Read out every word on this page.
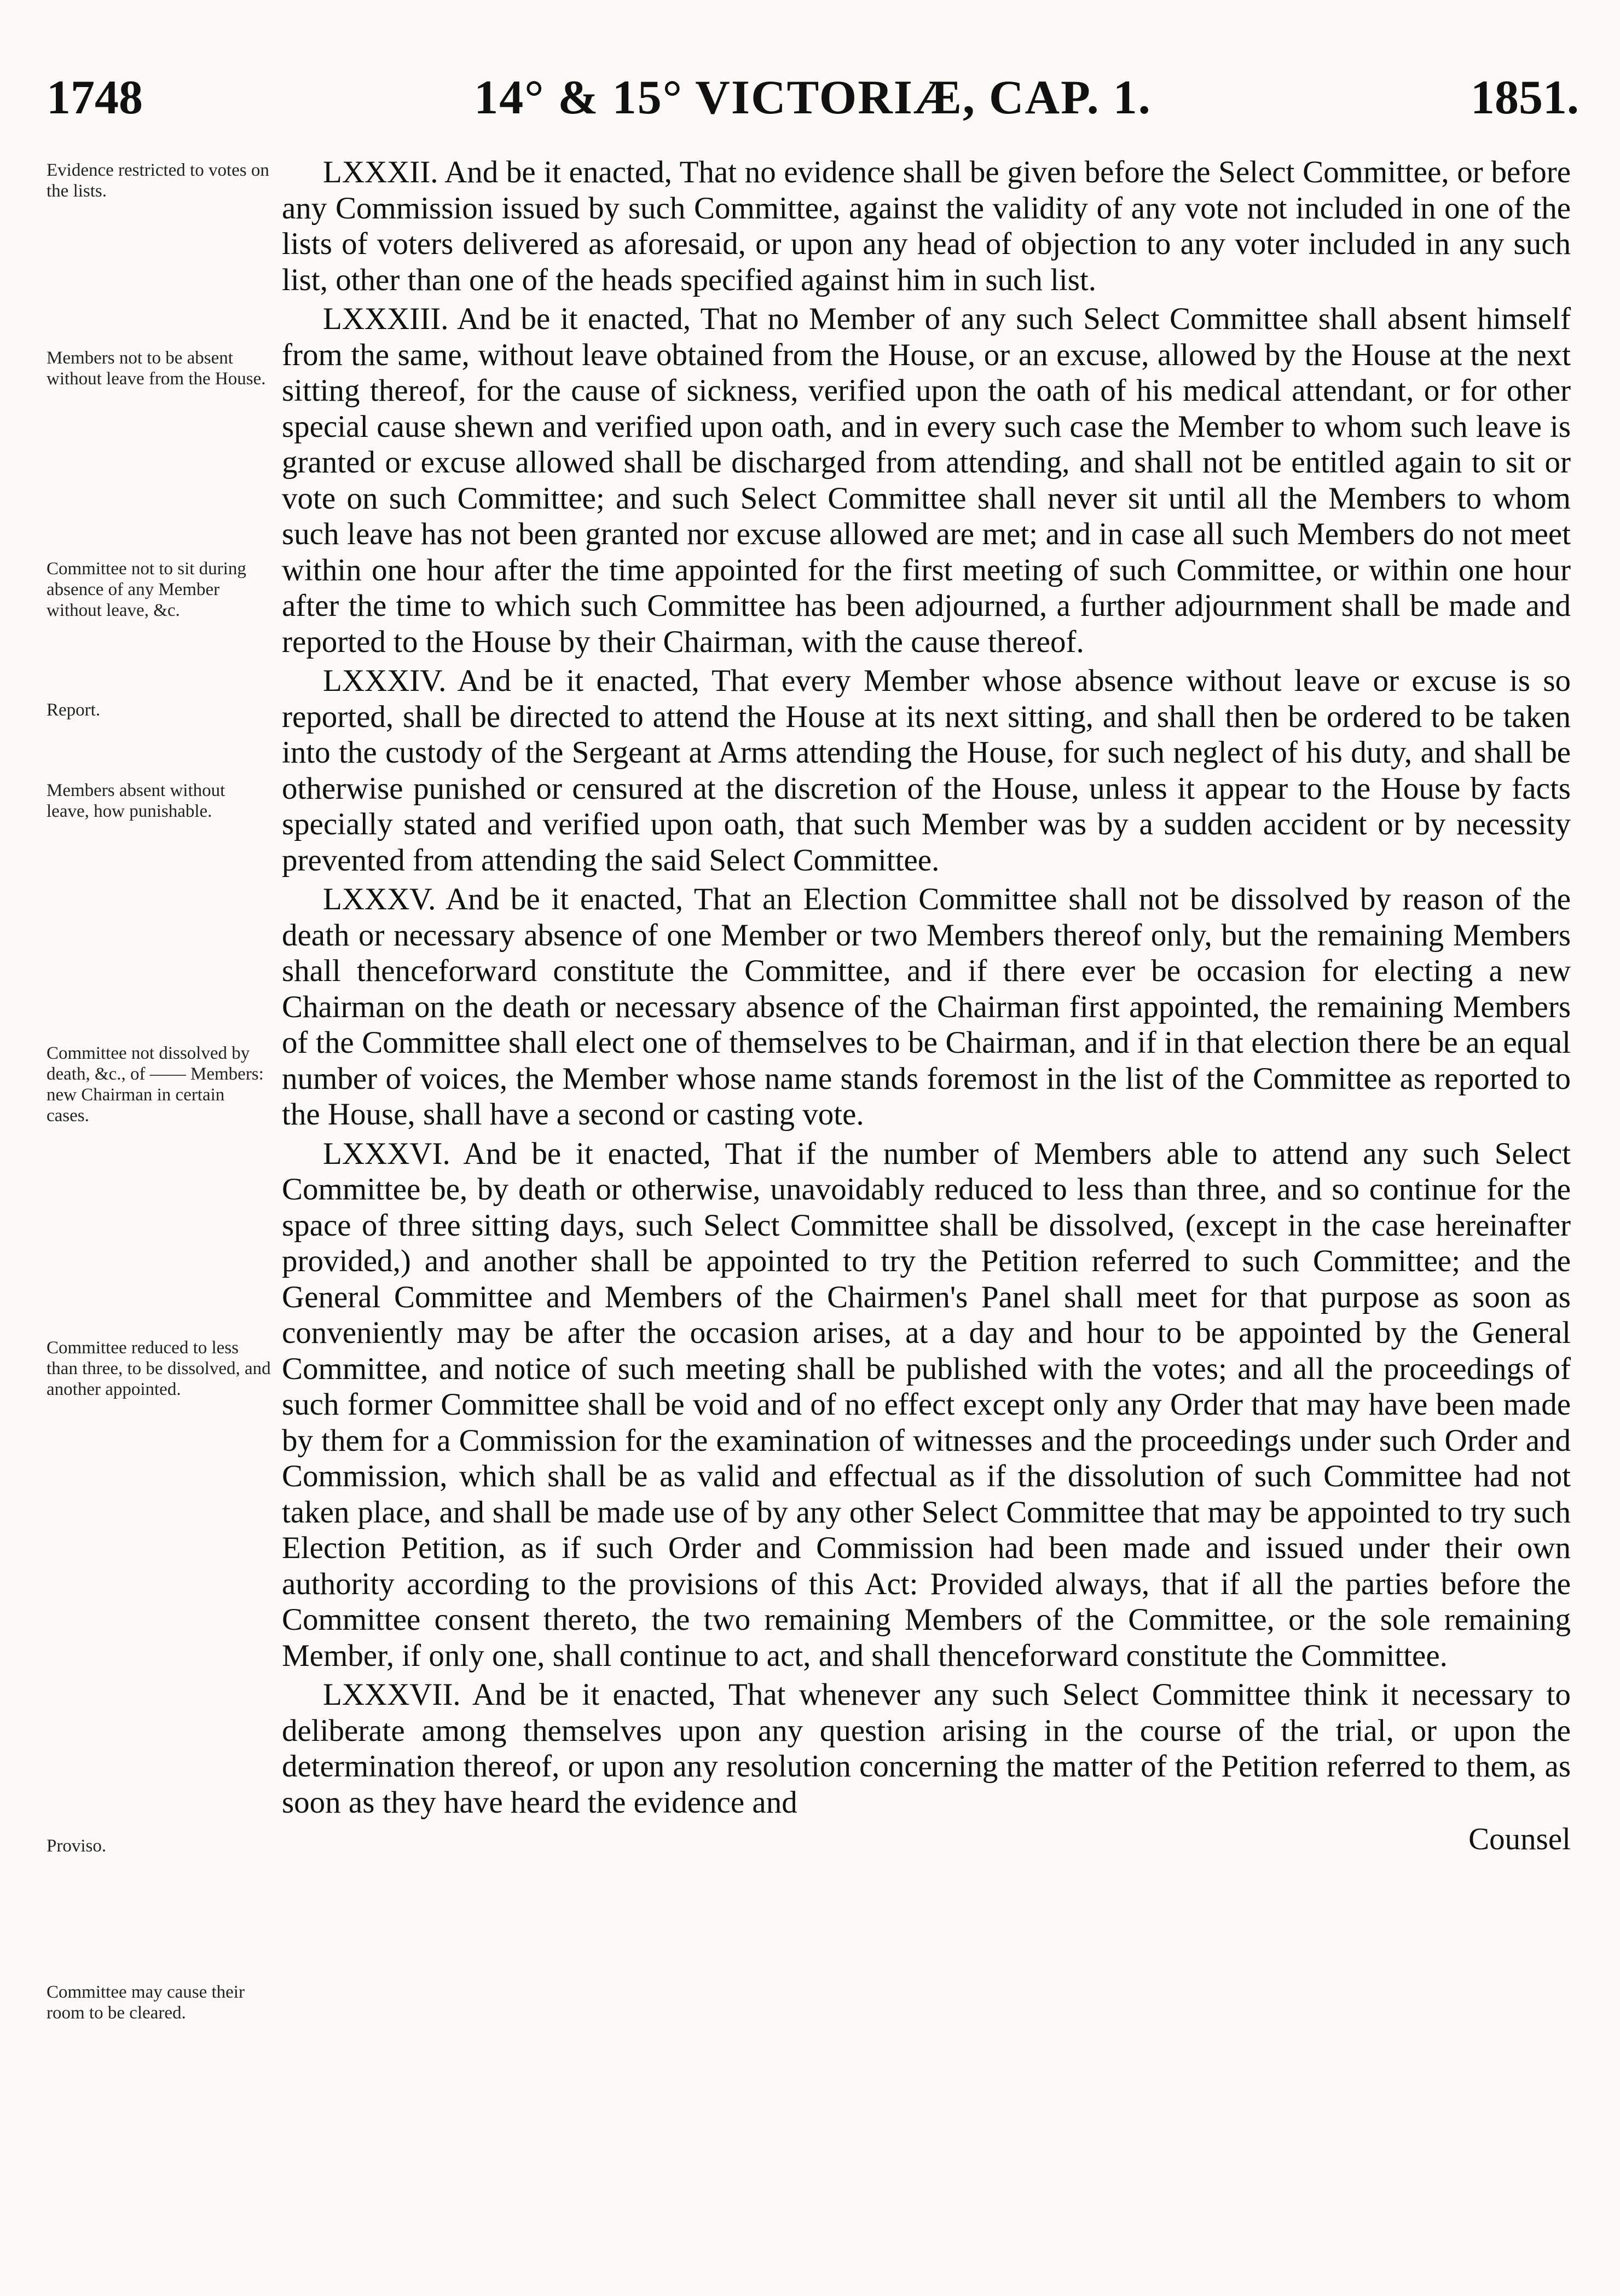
1748	14° & 15° VICTORIÆ, CAP. 1.	1851.
Evidence restricted to votes on the lists.
Members not to be absent without leave from the House.
Committee not to sit during absence of any Member without leave, &c.
Report.
Members absent without leave, how punishable.
Committee not dissolved by death, &c., of —— Members: new Chairman in certain cases.
Committee reduced to less than three, to be dissolved, and another appointed.
Proviso.
Committee may cause their room to be cleared.

LXXXII. And be it enacted, That no evidence shall be given before the Select Committee, or before any Commission issued by such Committee, against the validity of any vote not included in one of the lists of voters delivered as aforesaid, or upon any head of objection to any voter included in any such list, other than one of the heads specified against him in such list.

LXXXIII. And be it enacted, That no Member of any such Select Committee shall absent himself from the same, without leave obtained from the House, or an excuse, allowed by the House at the next sitting thereof, for the cause of sickness, verified upon the oath of his medical attendant, or for other special cause shewn and verified upon oath, and in every such case the Member to whom such leave is granted or excuse allowed shall be discharged from attending, and shall not be entitled again to sit or vote on such Committee; and such Select Committee shall never sit until all the Members to whom such leave has not been granted nor excuse allowed are met; and in case all such Members do not meet within one hour after the time appointed for the first meeting of such Committee, or within one hour after the time to which such Committee has been adjourned, a further adjournment shall be made and reported to the House by their Chairman, with the cause thereof.

LXXXIV. And be it enacted, That every Member whose absence without leave or excuse is so reported, shall be directed to attend the House at its next sitting, and shall then be ordered to be taken into the custody of the Sergeant at Arms attending the House, for such neglect of his duty, and shall be otherwise punished or censured at the discretion of the House, unless it appear to the House by facts specially stated and verified upon oath, that such Member was by a sudden accident or by necessity prevented from attending the said Select Committee.

LXXXV. And be it enacted, That an Election Committee shall not be dissolved by reason of the death or necessary absence of one Member or two Members thereof only, but the remaining Members shall thenceforward constitute the Committee, and if there ever be occasion for electing a new Chairman on the death or necessary absence of the Chairman first appointed, the remaining Members of the Committee shall elect one of themselves to be Chairman, and if in that election there be an equal number of voices, the Member whose name stands foremost in the list of the Committee as reported to the House, shall have a second or casting vote.

LXXXVI. And be it enacted, That if the number of Members able to attend any such Select Committee be, by death or otherwise, unavoidably reduced to less than three, and so continue for the space of three sitting days, such Select Committee shall be dissolved, (except in the case hereinafter provided,) and another shall be appointed to try the Petition referred to such Committee; and the General Committee and Members of the Chairmen's Panel shall meet for that purpose as soon as conveniently may be after the occasion arises, at a day and hour to be appointed by the General Committee, and notice of such meeting shall be published with the votes; and all the proceedings of such former Committee shall be void and of no effect except only any Order that may have been made by them for a Commission for the examination of witnesses and the proceedings under such Order and Commission, which shall be as valid and effectual as if the dissolution of such Committee had not taken place, and shall be made use of by any other Select Committee that may be appointed to try such Election Petition, as if such Order and Commission had been made and issued under their own authority according to the provisions of this Act: Provided always, that if all the parties before the Committee consent thereto, the two remaining Members of the Committee, or the sole remaining Member, if only one, shall continue to act, and shall thenceforward constitute the Committee.

LXXXVII. And be it enacted, That whenever any such Select Committee think it necessary to deliberate among themselves upon any question arising in the course of the trial, or upon the determination thereof, or upon any resolution concerning the matter of the Petition referred to them, as soon as they have heard the evidence and

Counsel
